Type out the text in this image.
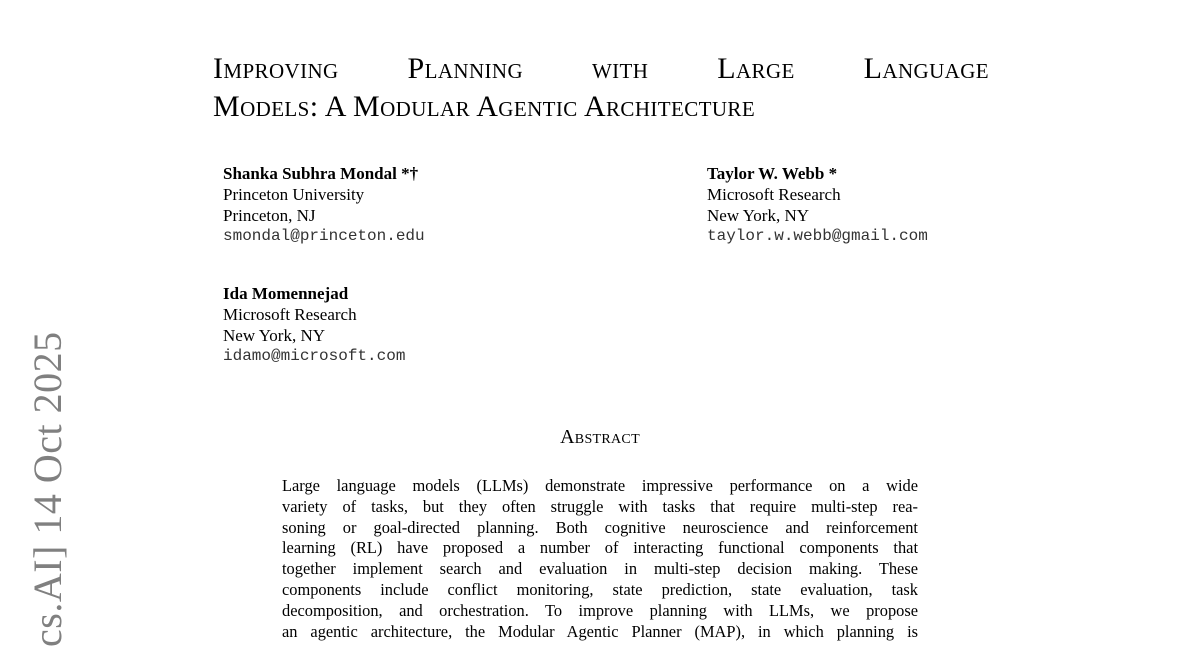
cs.AI] 14 Oct 2025
Improving Planning with Large Language
Models: A Modular Agentic Architecture
Shanka Subhra Mondal *†
Princeton University
Princeton, NJ
smondal@princeton.edu
Taylor W. Webb *
Microsoft Research
New York, NY
taylor.w.webb@gmail.com
Ida Momennejad
Microsoft Research
New York, NY
idamo@microsoft.com
Abstract

Large language models (LLMs) demonstrate impressive performance on a wide
variety of tasks, but they often struggle with tasks that require multi-step rea-
soning or goal-directed planning. Both cognitive neuroscience and reinforcement
learning (RL) have proposed a number of interacting functional components that
together implement search and evaluation in multi-step decision making. These
components include conflict monitoring, state prediction, state evaluation, task
decomposition, and orchestration. To improve planning with LLMs, we propose
an agentic architecture, the Modular Agentic Planner (MAP), in which planning is
